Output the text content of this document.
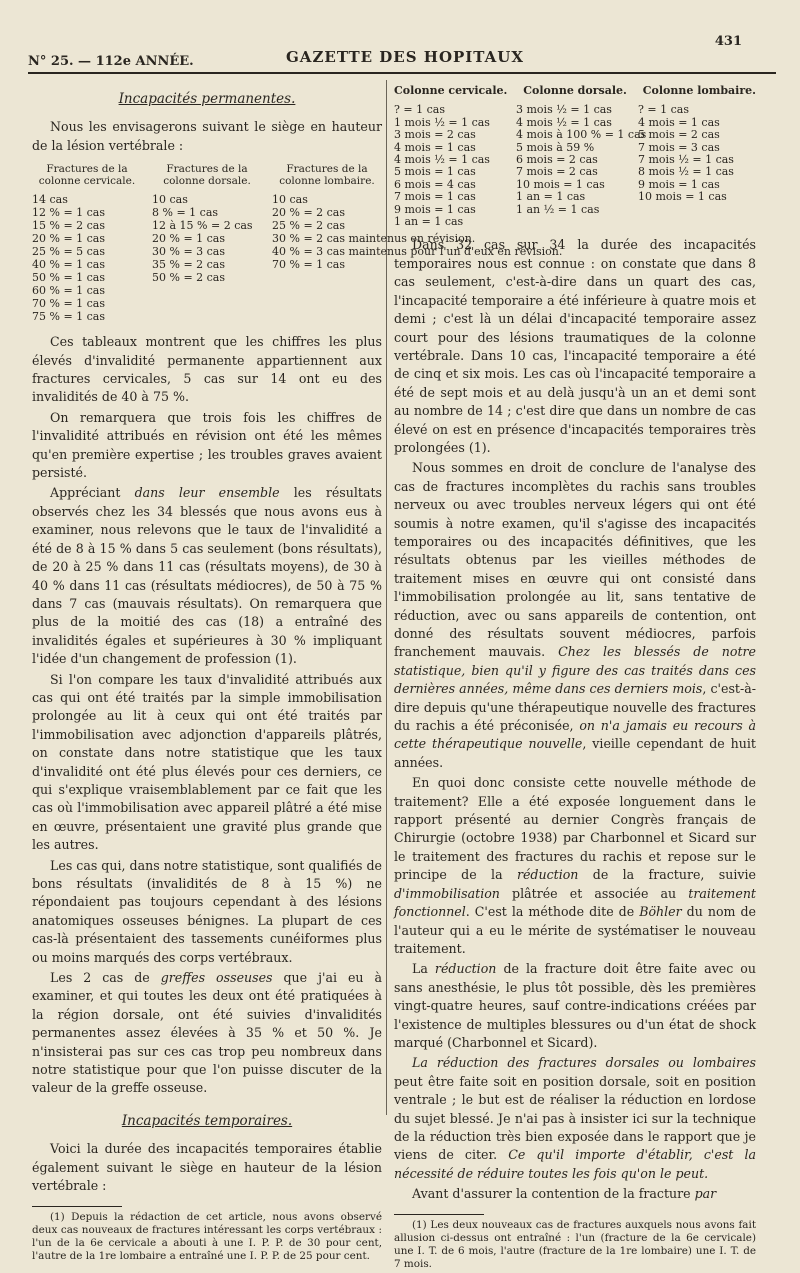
N° 25. — 112e ANNÉE.	GAZETTE DES HOPITAUX
431
Incapacités permanentes.

Nous les envisagerons suivant le siège en hauteur de la lésion vertébrale :

Fractures de la colonne cervicale.
14 cas
12 % = 1 cas
15 % = 2 cas
20 % = 1 cas
25 % = 5 cas
40 % = 1 cas
50 % = 1 cas
60 % = 1 cas
70 % = 1 cas
75 % = 1 cas
Fractures de la colonne dorsale.
10 cas
8 % = 1 cas
12 à 15 % = 2 cas
20 % = 1 cas
30 % = 3 cas
35 % = 2 cas
50 % = 2 cas
Fractures de la colonne lombaire.
10 cas
20 % = 2 cas
25 % = 2 cas
30 % = 2 cas maintenus en révision.
40 % = 3 cas maintenus pour l'un d'eux en révision.
70 % = 1 cas

Ces tableaux montrent que les chiffres les plus élevés d'invalidité permanente appartiennent aux fractures cervicales, 5 cas sur 14 ont eu des invalidités de 40 à 75 %.

On remarquera que trois fois les chiffres de l'invalidité attribués en révision ont été les mêmes qu'en première expertise ; les troubles graves avaient persisté.

Appréciant dans leur ensemble les résultats observés chez les 34 blessés que nous avons eus à examiner, nous relevons que le taux de l'invalidité a été de 8 à 15 % dans 5 cas seulement (bons résultats), de 20 à 25 % dans 11 cas (résultats moyens), de 30 à 40 % dans 11 cas (résultats médiocres), de 50 à 75 % dans 7 cas (mauvais résultats). On remarquera que plus de la moitié des cas (18) a entraîné des invalidités égales et supérieures à 30 % impliquant l'idée d'un changement de profession (1).

Si l'on compare les taux d'invalidité attribués aux cas qui ont été traités par la simple immobilisation prolongée au lit à ceux qui ont été traités par l'immobilisation avec adjonction d'appareils plâtrés, on constate dans notre statistique que les taux d'invalidité ont été plus élevés pour ces derniers, ce qui s'explique vraisemblablement par ce fait que les cas où l'immobilisation avec appareil plâtré a été mise en œuvre, présentaient une gravité plus grande que les autres.

Les cas qui, dans notre statistique, sont qualifiés de bons résultats (invalidités de 8 à 15 %) ne répondaient pas toujours cependant à des lésions anatomiques osseuses bénignes. La plupart de ces cas-là présentaient des tassements cunéiformes plus ou moins marqués des corps vertébraux.

Les 2 cas de greffes osseuses que j'ai eu à examiner, et qui toutes les deux ont été pratiquées à la région dorsale, ont été suivies d'invalidités permanentes assez élevées à 35 % et 50 %. Je n'insisterai pas sur ces cas trop peu nombreux dans notre statistique pour que l'on puisse discuter de la valeur de la greffe osseuse.

Incapacités temporaires.

Voici la durée des incapacités temporaires établie également suivant le siège en hauteur de la lésion vertébrale :

(1) Depuis la rédaction de cet article, nous avons observé deux cas nouveaux de fractures intéressant les corps vertébraux : l'un de la 6e cervicale a abouti à une I. P. P. de 30 pour cent, l'autre de la 1re lombaire a entraîné une I. P. P. de 25 pour cent.

Colonne cervicale. Colonne dorsale. Colonne lombaire.
? = 1 cas
1 mois ½ = 1 cas
3 mois = 2 cas
4 mois = 1 cas
4 mois ½ = 1 cas
5 mois = 1 cas
6 mois = 4 cas
7 mois = 1 cas
9 mois = 1 cas
1 an = 1 cas
3 mois ½ = 1 cas
4 mois ½ = 1 cas
4 mois à 100 % = 1 cas
5 mois à 59 %
6 mois = 2 cas
7 mois = 2 cas
10 mois = 1 cas
1 an = 1 cas
1 an ½ = 1 cas
? = 1 cas
4 mois = 1 cas
5 mois = 2 cas
7 mois = 3 cas
7 mois ½ = 1 cas
8 mois ½ = 1 cas
9 mois = 1 cas
10 mois = 1 cas

Dans 32 cas sur 34 la durée des incapacités temporaires nous est connue : on constate que dans 8 cas seulement, c'est-à-dire dans un quart des cas, l'incapacité temporaire a été inférieure à quatre mois et demi ; c'est là un délai d'incapacité temporaire assez court pour des lésions traumatiques de la colonne vertébrale. Dans 10 cas, l'incapacité temporaire a été de cinq et six mois. Les cas où l'incapacité temporaire a été de sept mois et au delà jusqu'à un an et demi sont au nombre de 14 ; c'est dire que dans un nombre de cas élevé on est en présence d'incapacités temporaires très prolongées (1).

Nous sommes en droit de conclure de l'analyse des cas de fractures incomplètes du rachis sans troubles nerveux ou avec troubles nerveux légers qui ont été soumis à notre examen, qu'il s'agisse des incapacités temporaires ou des incapacités définitives, que les résultats obtenus par les vieilles méthodes de traitement mises en œuvre qui ont consisté dans l'immobilisation prolongée au lit, sans tentative de réduction, avec ou sans appareils de contention, ont donné des résultats souvent médiocres, parfois franchement mauvais. Chez les blessés de notre statistique, bien qu'il y figure des cas traités dans ces dernières années, même dans ces derniers mois, c'est-à-dire depuis qu'une thérapeutique nouvelle des fractures du rachis a été préconisée, on n'a jamais eu recours à cette thérapeutique nouvelle, vieille cependant de huit années.

En quoi donc consiste cette nouvelle méthode de traitement? Elle a été exposée longuement dans le rapport présenté au dernier Congrès français de Chirurgie (octobre 1938) par Charbonnel et Sicard sur le traitement des fractures du rachis et repose sur le principe de la réduction de la fracture, suivie d'immobilisation plâtrée et associée au traitement fonctionnel. C'est la méthode dite de Böhler du nom de l'auteur qui a eu le mérite de systématiser le nouveau traitement.

La réduction de la fracture doit être faite avec ou sans anesthésie, le plus tôt possible, dès les premières vingt-quatre heures, sauf contre-indications créées par l'existence de multiples blessures ou d'un état de shock marqué (Charbonnel et Sicard).

La réduction des fractures dorsales ou lombaires peut être faite soit en position dorsale, soit en position ventrale ; le but est de réaliser la réduction en lordose du sujet blessé. Je n'ai pas à insister ici sur la technique de la réduction très bien exposée dans le rapport que je viens de citer. Ce qu'il importe d'établir, c'est la nécessité de réduire toutes les fois qu'on le peut.

Avant d'assurer la contention de la fracture par

(1) Les deux nouveaux cas de fractures auxquels nous avons fait allusion ci-dessus ont entraîné : l'un (fracture de la 6e cervicale) une I. T. de 6 mois, l'autre (fracture de la 1re lombaire) une I. T. de 7 mois.
